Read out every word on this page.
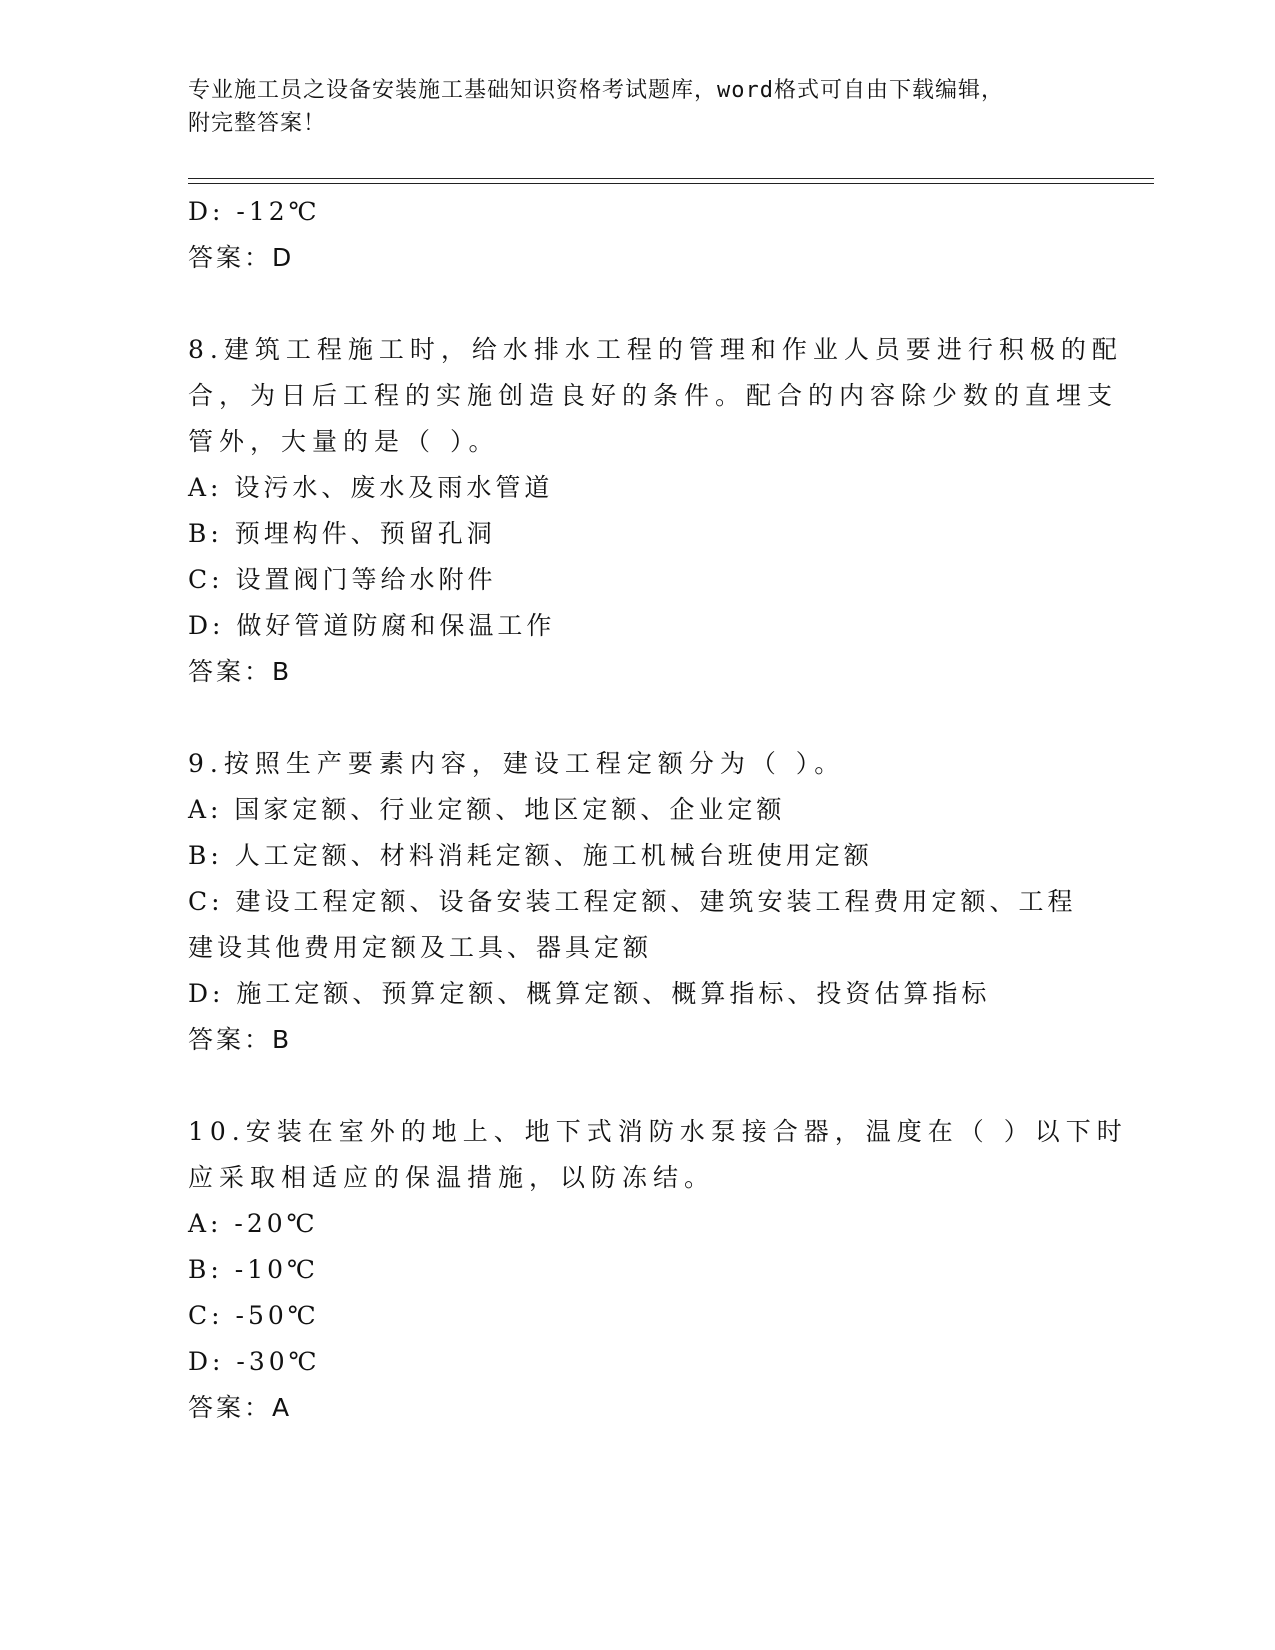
专业施工员之设备安装施工基础知识资格考试题库，word格式可自由下载编辑，
附完整答案！
D: -12℃
答案：D
8.建筑工程施工时，给水排水工程的管理和作业人员要进行积极的配
合，为日后工程的实施创造良好的条件。配合的内容除少数的直埋支
管外，大量的是（ ）。
A: 设污水、废水及雨水管道
B: 预埋构件、预留孔洞
C: 设置阀门等给水附件
D: 做好管道防腐和保温工作
答案：B
9.按照生产要素内容，建设工程定额分为（ ）。
A: 国家定额、行业定额、地区定额、企业定额
B: 人工定额、材料消耗定额、施工机械台班使用定额
C: 建设工程定额、设备安装工程定额、建筑安装工程费用定额、工程
建设其他费用定额及工具、器具定额
D: 施工定额、预算定额、概算定额、概算指标、投资估算指标
答案：B
10.安装在室外的地上、地下式消防水泵接合器，温度在（ ）以下时
应采取相适应的保温措施，以防冻结。
A: -20℃
B: -10℃
C: -50℃
D: -30℃
答案：A
